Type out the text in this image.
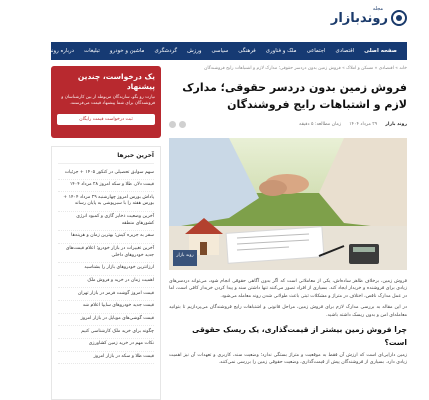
مجله
روندبازار
صفحه اصلی
اقتصادی
اجتماعی
ملک و فناوری
فرهنگی
سیاسی
ورزش
گردشگری
ماشین و خودرو
تبلیغات
درباره روند بازار
تماس با ما
خانه » اقتصادی » مسکن و املاک » فروش زمین بدون دردسر حقوقی؛ مدارک لازم و اشتباهات رایج فروشندگان
فروش زمین بدون دردسر حقوقی؛ مدارک لازم و اشتباهات رایج فروشندگان
روند بازار
۲۹ مرداد ۱۴۰۴
زمان مطالعه: ۵ دقیقه
روند بازار

فروش زمین، برخلاف ظاهر ساده‌اش، یکی از معاملاتی است که اگر بدون آگاهی حقوقی انجام شود، می‌تواند دردسرهای زیادی برای فروشنده و خریدار ایجاد کند. بسیاری از افراد تصور می‌کنند تنها داشتن سند و پیدا کردن خریدار کافی است، اما در عمل مدارک ناقص، اختلاف در متراژ و مشکلات ثبتی باعث طولانی شدن روند معامله می‌شود.

در این مقاله به بررسی مدارک لازم برای فروش زمین، مراحل قانونی و اشتباهات رایج فروشندگان می‌پردازیم تا بتوانید معامله‌ای امن و بدون ریسک داشته باشید.

چرا فروش زمین بیشتر از قیمت‌گذاری، یک ریسک حقوقی است؟

زمین دارایی‌ای است که ارزش آن فقط به موقعیت و متراژ بستگی ندارد؛ وضعیت سند، کاربری و تعهدات آن نیز اهمیت زیادی دارد. بسیاری از فروشندگان پیش از قیمت‌گذاری، وضعیت حقوقی زمین را بررسی نمی‌کنند.

یک درخواست، چندین پیشنهاد
نیازت رو بگو، سازندگان مربوطه از بین کارشناسان و فروشندگان برای شما پیشنهاد قیمت می‌فرستند.
ثبت درخواست قیمت رایگان
آخرین خبرها
سهم سوابق تحصیلی در کنکور ۱۴۰۵ + جزئیات
قیمت دلار، طلا و سکه امروز ۲۸ مرداد ۱۴۰۴
پاداش بورس امروز چهارشنبه ۲۹ مرداد ۱۴۰۴ + بورس هفته را با سبزپوشی به پایان رساند
آخرین وضعیت ذخایر گازی و کمبود انرژی کشورهای منطقه
سفر به جزیره کیش؛ بهترین زمان و هزینه‌ها
آخرین تغییرات در بازار خودرو؛ اعلام قیمت‌های جدید خودروهای داخلی
ارزانترین خودروهای بازار را بشناسید
اهمیت زمان در خرید و فروش ملک
قیمت امروز گوشت قرمز در بازار تهران
قیمت جدید خودروهای سایپا اعلام شد
قیمت گوشی‌های موبایل در بازار امروز
چگونه برای خرید ملک کارشناسی کنیم
نکات مهم در خرید زمین کشاورزی
قیمت طلا و سکه در بازار امروز
